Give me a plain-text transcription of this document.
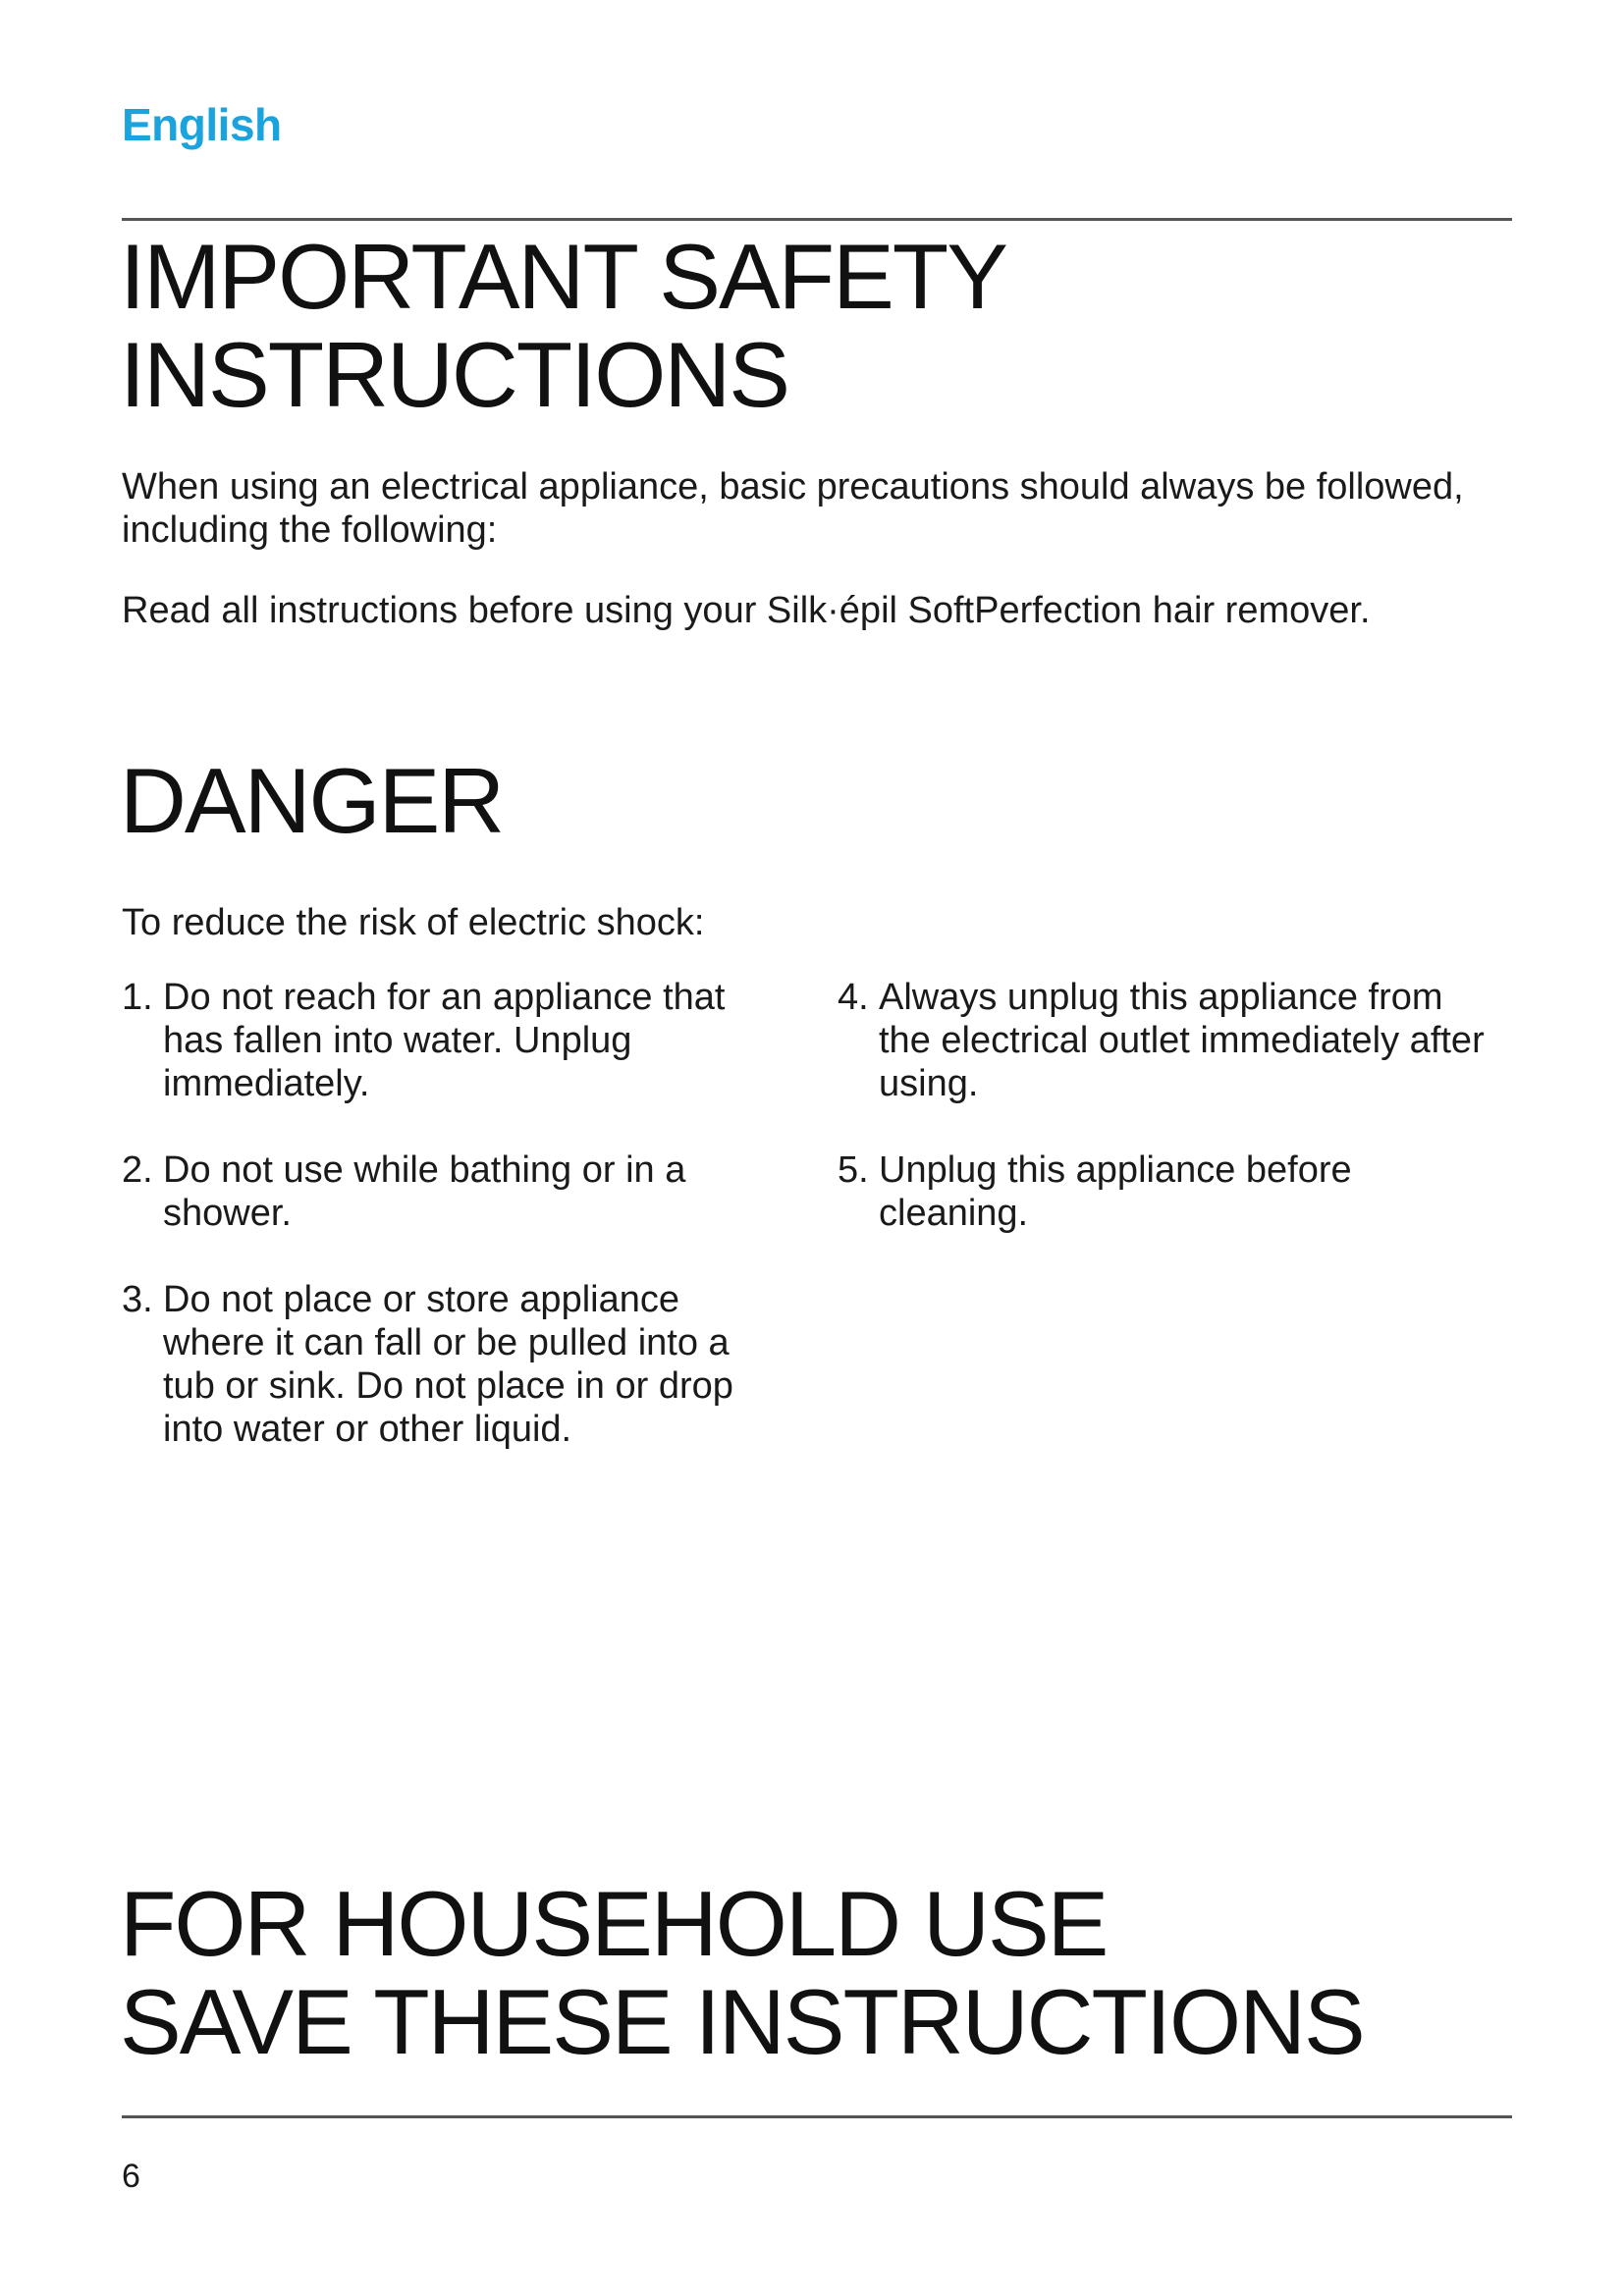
English
IMPORTANT SAFETY
INSTRUCTIONS

When using an electrical appliance, basic precautions should always be followed, including the following:

Read all instructions before using your Silk·épil SoftPerfection hair remover.

DANGER

To reduce the risk of electric shock:

1. Do not reach for an appliance that has fallen into water. Unplug immediately.
2. Do not use while bathing or in a shower.
3. Do not place or store appliance where it can fall or be pulled into a tub or sink. Do not place in or drop into water or other liquid.
4. Always unplug this appliance from the electrical outlet immediately after using.
5. Unplug this appliance before cleaning.
FOR HOUSEHOLD USE
SAVE THESE INSTRUCTIONS
6
